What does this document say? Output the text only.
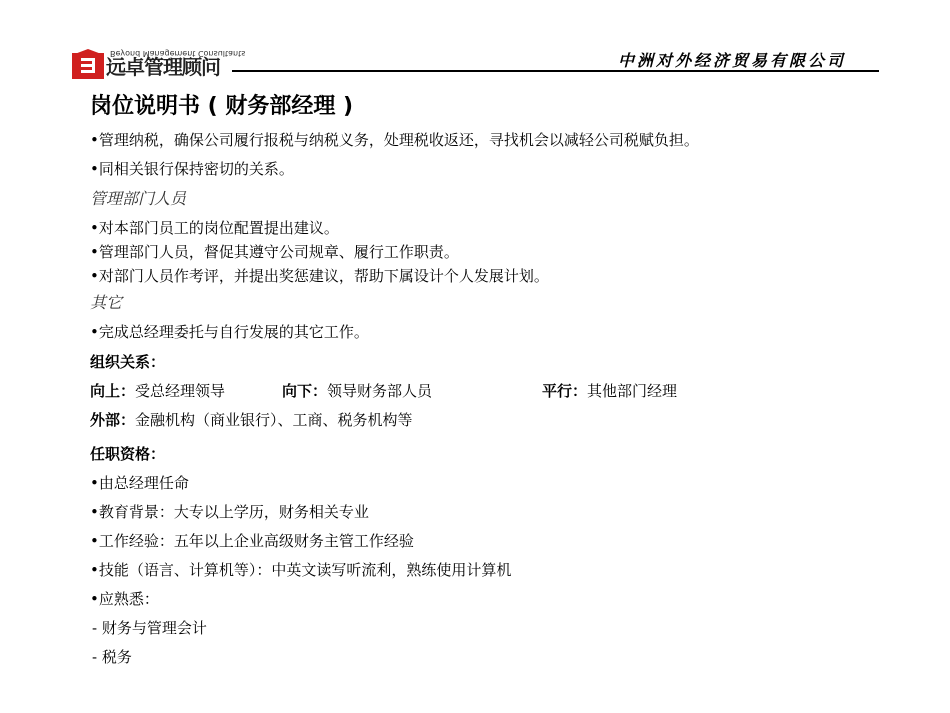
Beyond Management Consultants
远卓管理顾问	中洲对外经济贸易有限公司
岗位说明书 ( 财务部经理 )
•管理纳税，确保公司履行报税与纳税义务，处理税收返还，寻找机会以减轻公司税赋负担。
•同相关银行保持密切的关系。
管理部门人员
•对本部门员工的岗位配置提出建议。
•管理部门人员，督促其遵守公司规章、履行工作职责。
•对部门人员作考评，并提出奖惩建议，帮助下属设计个人发展计划。
其它
•完成总经理委托与自行发展的其它工作。
组织关系：
向上：受总经理领导	向下：领导财务部人员	平行：其他部门经理
外部：金融机构（商业银行）、工商、税务机构等
任职资格：
•由总经理任命
•教育背景：大专以上学历，财务相关专业
•工作经验：五年以上企业高级财务主管工作经验
•技能（语言、计算机等）：中英文读写听流利，熟练使用计算机
•应熟悉：
- 财务与管理会计
- 税务
